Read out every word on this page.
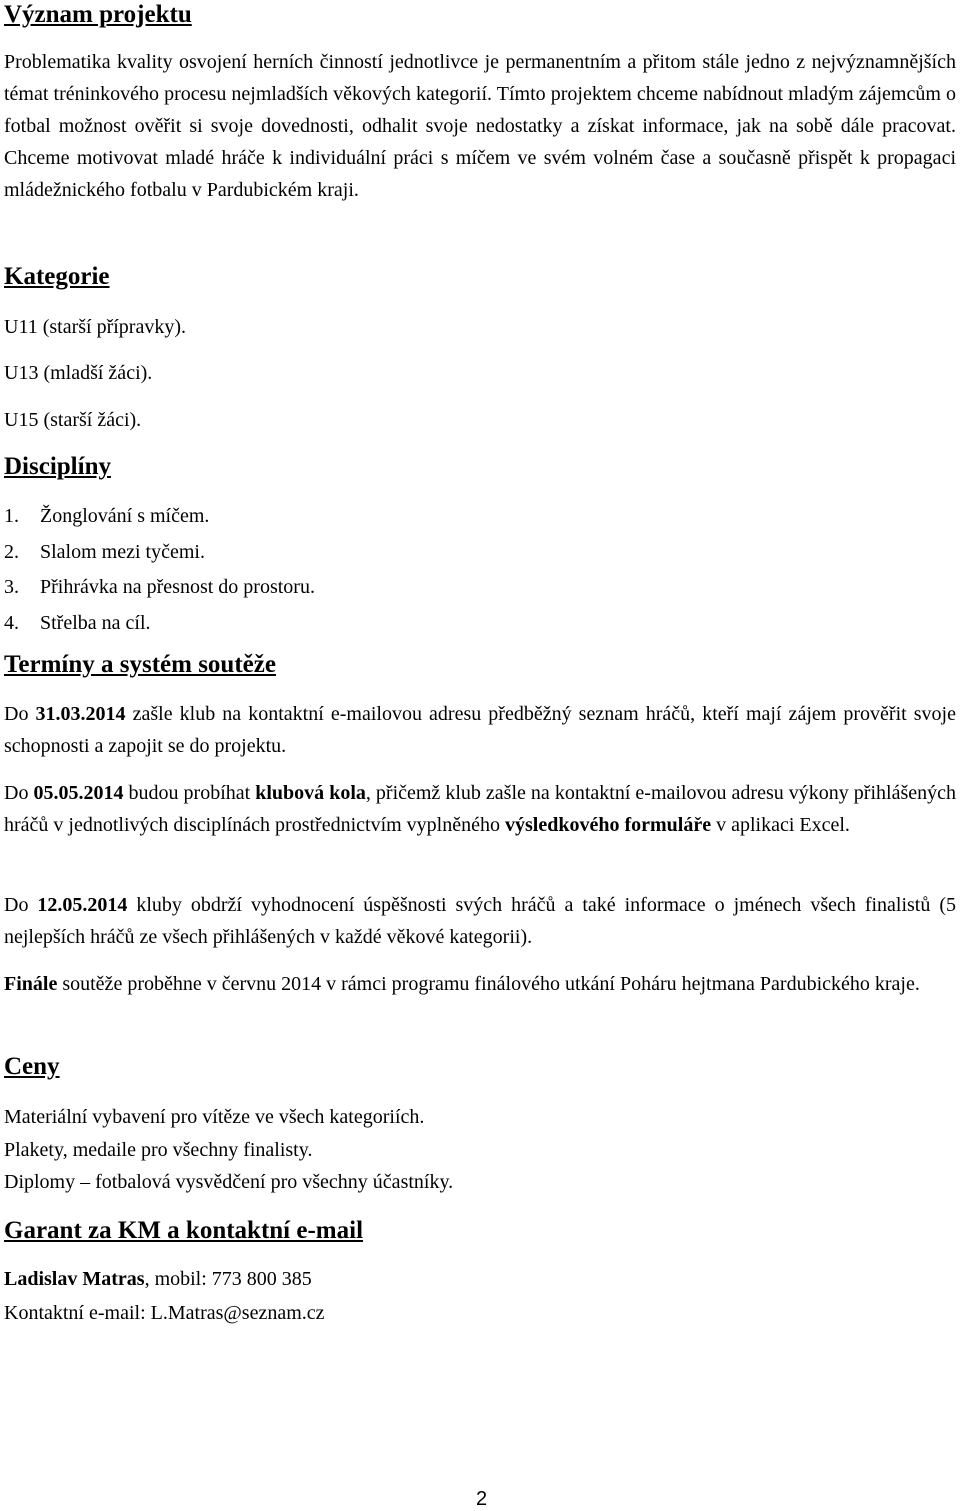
Význam projektu

Problematika kvality osvojení herních činností jednotlivce je permanentním a přitom stále jedno z nejvýznamnějších témat tréninkového procesu nejmladších věkových kategorií. Tímto projektem chceme nabídnout mladým zájemcům o fotbal možnost ověřit si svoje dovednosti, odhalit svoje nedostatky a získat informace, jak na sobě dále pracovat. Chceme motivovat mladé hráče k individuální práci s míčem ve svém volném čase a současně přispět k propagaci mládežnického fotbalu v Pardubickém kraji.

Kategorie

U11 (starší přípravky).

U13 (mladší žáci).

U15 (starší žáci).

Disciplíny
1. Žonglování s míčem.
2. Slalom mezi tyčemi.
3. Přihrávka na přesnost do prostoru.
4. Střelba na cíl.
Termíny a systém soutěže

Do 31.03.2014 zašle klub na kontaktní e-mailovou adresu předběžný seznam hráčů, kteří mají zájem prověřit svoje schopnosti a zapojit se do projektu.

Do 05.05.2014 budou probíhat klubová kola, přičemž klub zašle na kontaktní e-mailovou adresu výkony přihlášených hráčů v jednotlivých disciplínách prostřednictvím vyplněného výsledkového formuláře v aplikaci Excel.

Do 12.05.2014 kluby obdrží vyhodnocení úspěšnosti svých hráčů a také informace o jménech všech finalistů (5 nejlepších hráčů ze všech přihlášených v každé věkové kategorii).

Finále soutěže proběhne v červnu 2014 v rámci programu finálového utkání Poháru hejtmana Pardubického kraje.

Ceny

Materiální vybavení pro vítěze ve všech kategoriích.

Plakety, medaile pro všechny finalisty.

Diplomy – fotbalová vysvědčení pro všechny účastníky.

Garant za KM a kontaktní e-mail

Ladislav Matras, mobil: 773 800 385

Kontaktní e-mail: L.Matras@seznam.cz

2
